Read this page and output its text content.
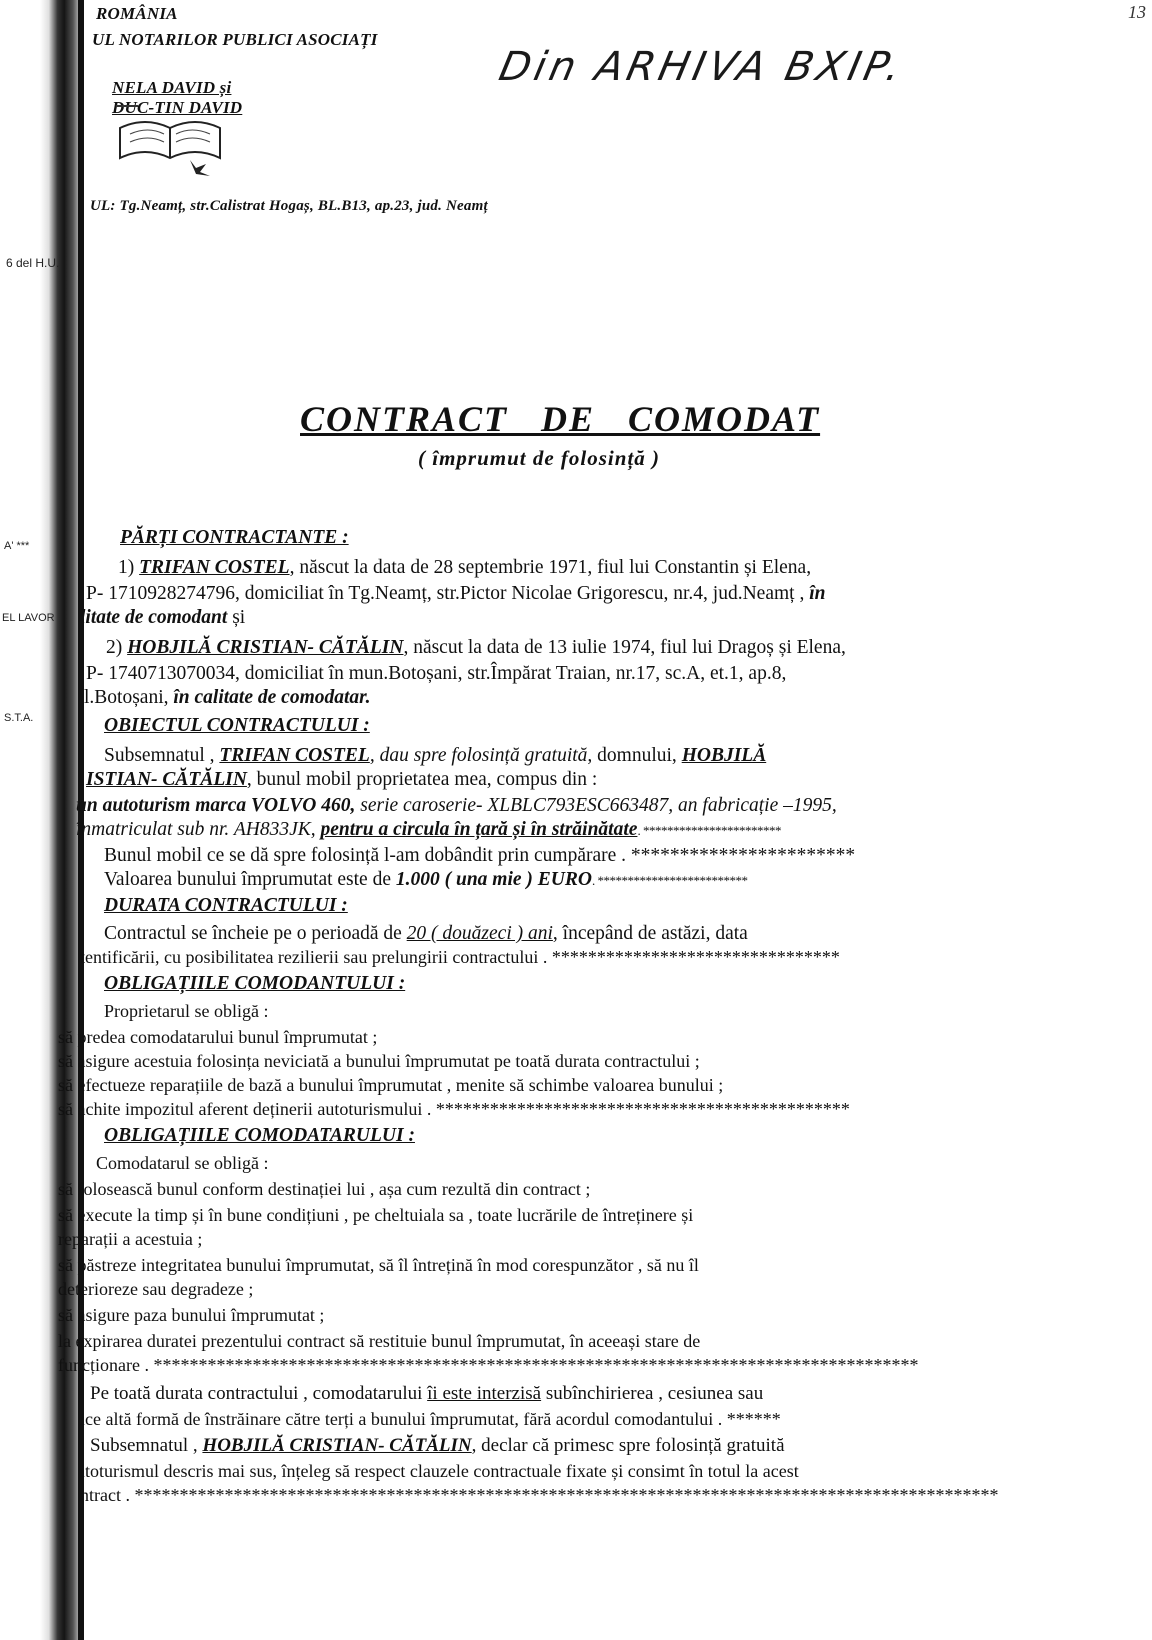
13
6 del H.U.
EL LAVOR
S.T.A.
A' ***
ROMÂNIA
UL NOTARILOR PUBLICI ASOCIAȚI
NELA DAVID și
DUC-TIN DAVID
UL: Tg.Neamț, str.Calistrat Hogaș, BL.B13, ap.23, jud. Neamț
Din ARHIVA BXIP.
CONTRACT DE COMODAT
( împrumut de folosință )
PĂRȚI CONTRACTANTE :
1) TRIFAN COSTEL, născut la data de 28 septembrie 1971, fiul lui Constantin și Elena,
P- 1710928274796, domiciliat în Tg.Neamț, str.Pictor Nicolae Grigorescu, nr.4, jud.Neamț , în
litate de comodant și
2) HOBJILĂ CRISTIAN- CĂTĂLIN, născut la data de 13 iulie 1974, fiul lui Dragoș și Elena,
P- 1740713070034, domiciliat în mun.Botoșani, str.Împărat Traian, nr.17, sc.A, et.1, ap.8,
l.Botoșani, în calitate de comodatar.
OBIECTUL CONTRACTULUI :
Subsemnatul , TRIFAN COSTEL, dau spre folosință gratuită, domnului, HOBJILĂ
ISTIAN- CĂTĂLIN, bunul mobil proprietatea mea, compus din :
un autoturism marca VOLVO 460, serie caroserie- XLBLC793ESC663487, an fabricație –1995,
înmatriculat sub nr. AH833JK, pentru a circula în țară și în străinătate. ***********************
Bunul mobil ce se dă spre folosință l-am dobândit prin cumpărare . ***********************
Valoarea bunului împrumutat este de 1.000 ( una mie ) EURO. *************************
DURATA CONTRACTULUI :
Contractul se încheie pe o perioadă de 20 ( douăzeci ) ani, începând de astăzi, data
tentificării, cu posibilitatea rezilierii sau prelungirii contractului . ********************************
OBLIGAȚIILE COMODANTULUI :
Proprietarul se obligă :
să predea comodatarului bunul împrumutat ;
să asigure acestuia folosința neviciată a bunului împrumutat pe toată durata contractului ;
să efectueze reparațiile de bază a bunului împrumutat , menite să schimbe valoarea bunului ;
să achite impozitul aferent deținerii autoturismului . **********************************************
OBLIGAȚIILE COMODATARULUI :
Comodatarul se obligă :
să folosească bunul conform destinației lui , așa cum rezultă din contract ;
să execute la timp și în bune condițiuni , pe cheltuiala sa , toate lucrările de întreținere și
reparații a acestuia ;
să păstreze integritatea bunului împrumutat, să îl întrețină în mod corespunzător , să nu îl
deterioreze sau degradeze ;
să asigure paza bunului împrumutat ;
la expirarea duratei prezentului contract să restituie bunul împrumutat, în aceeași stare de
funcționare . *************************************************************************************
Pe toată durata contractului , comodatarului îi este interzisă subînchirierea , cesiunea sau
ice altă formă de înstrăinare către terți a bunului împrumutat, fără acordul comodantului . ******
Subsemnatul , HOBJILĂ CRISTIAN- CĂTĂLIN, declar că primesc spre folosință gratuită
itoturismul descris mai sus, înțeleg să respect clauzele contractuale fixate și consimt în totul la acest
ntract . ************************************************************************************************
